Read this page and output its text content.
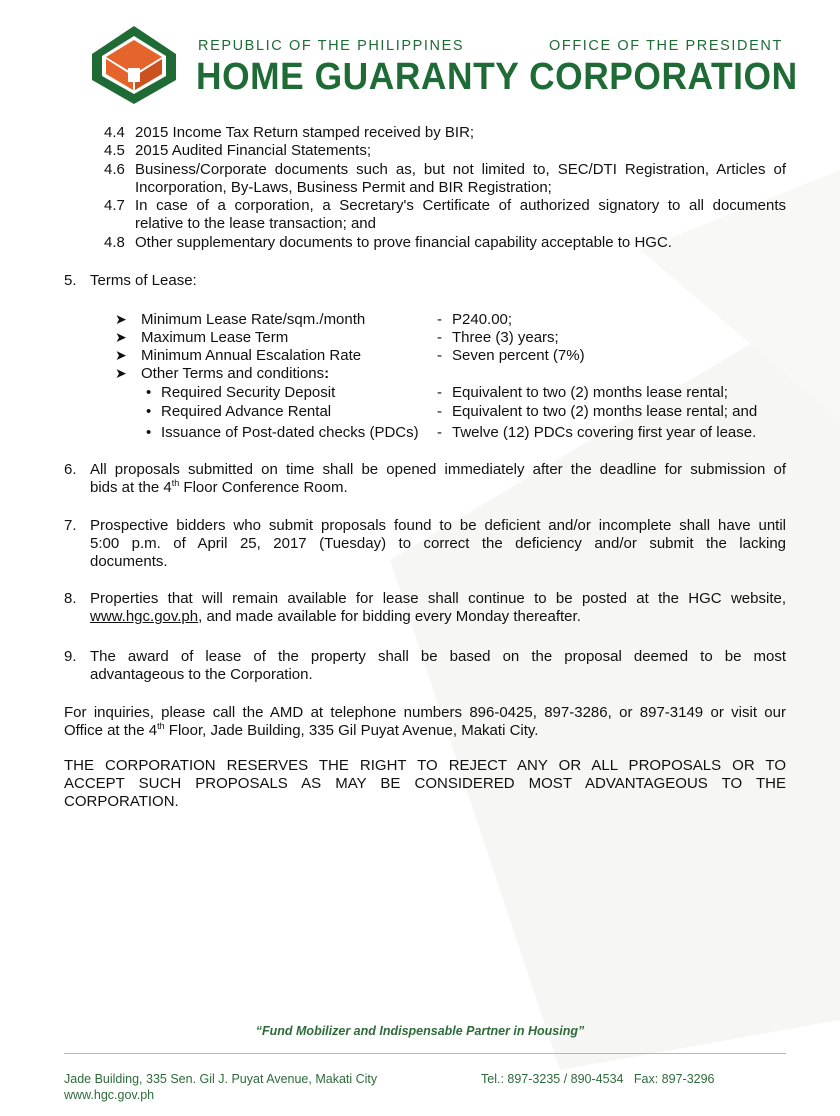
REPUBLIC OF THE PHILIPPINES	OFFICE OF THE PRESIDENT
HOME GUARANTY CORPORATION
4.4 2015 Income Tax Return stamped received by BIR;
4.5 2015 Audited Financial Statements;
4.6 Business/Corporate documents such as, but not limited to, SEC/DTI Registration, Articles of
Incorporation, By-Laws, Business Permit and BIR Registration;
4.7 In case of a corporation, a Secretary's Certificate of authorized signatory to all documents
relative to the lease transaction; and
4.8 Other supplementary documents to prove financial capability acceptable to HGC.
5. Terms of Lease:
➤ Minimum Lease Rate/sqm./month	- P240.00;
➤ Maximum Lease Term	- Three (3) years;
➤ Minimum Annual Escalation Rate	- Seven percent (7%)
➤ Other Terms and conditions:
• Required Security Deposit	- Equivalent to two (2) months lease rental;
• Required Advance Rental	- Equivalent to two (2) months lease rental; and
• Issuance of Post-dated checks (PDCs) - Twelve (12) PDCs covering first year of lease.
6. All proposals submitted on time shall be opened immediately after the deadline for submission of
bids at the 4th Floor Conference Room.
7. Prospective bidders who submit proposals found to be deficient and/or incomplete shall have until
5:00 p.m. of April 25, 2017 (Tuesday) to correct the deficiency and/or submit the lacking
documents.
8. Properties that will remain available for lease shall continue to be posted at the HGC website,
www.hgc.gov.ph, and made available for bidding every Monday thereafter.
9. The award of lease of the property shall be based on the proposal deemed to be most
advantageous to the Corporation.
For inquiries, please call the AMD at telephone numbers 896-0425, 897-3286, or 897-3149 or visit our
Office at the 4th Floor, Jade Building, 335 Gil Puyat Avenue, Makati City.
THE CORPORATION RESERVES THE RIGHT TO REJECT ANY OR ALL PROPOSALS OR TO
ACCEPT SUCH PROPOSALS AS MAY BE CONSIDERED MOST ADVANTAGEOUS TO THE
CORPORATION.
“Fund Mobilizer and Indispensable Partner in Housing”
Jade Building, 335 Sen. Gil J. Puyat Avenue, Makati City
www.hgc.gov.ph
Tel.: 897-3235 / 890-4534   Fax: 897-3296
